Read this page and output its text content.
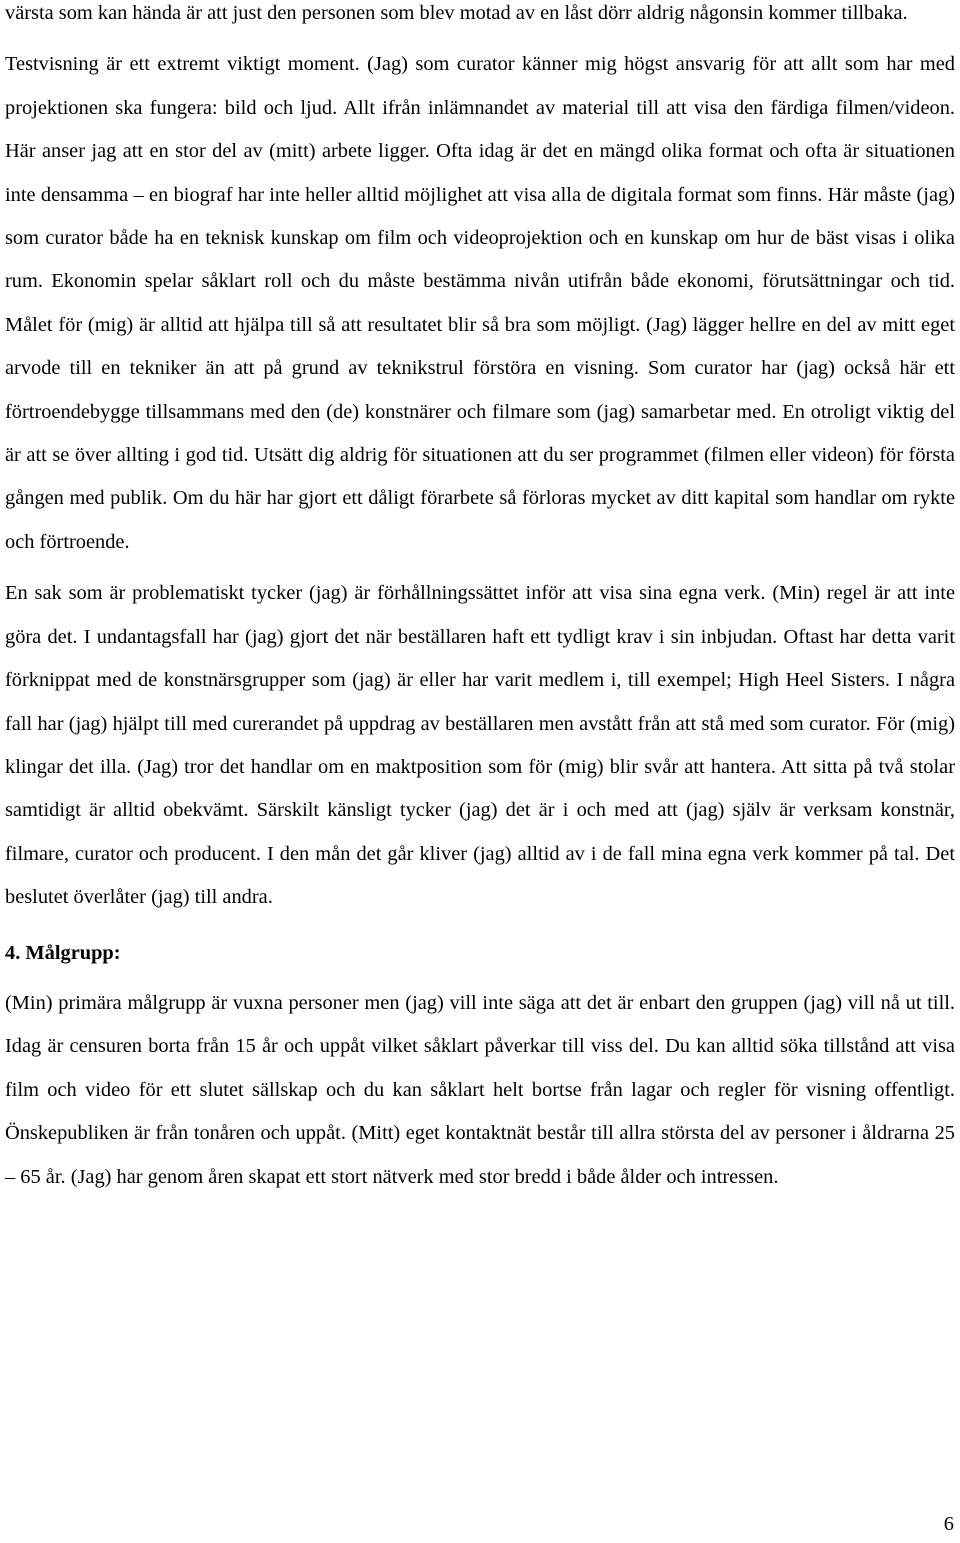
värsta som kan hända är att just den personen som blev motad av en låst dörr aldrig någonsin kommer tillbaka.

Testvisning är ett extremt viktigt moment. (Jag) som curator känner mig högst ansvarig för att allt som har med projektionen ska fungera: bild och ljud. Allt ifrån inlämnandet av material till att visa den färdiga filmen/videon. Här anser jag att en stor del av (mitt) arbete ligger. Ofta idag är det en mängd olika format och ofta är situationen inte densamma – en biograf har inte heller alltid möjlighet att visa alla de digitala format som finns. Här måste (jag) som curator både ha en teknisk kunskap om film och videoprojektion och en kunskap om hur de bäst visas i olika rum. Ekonomin spelar såklart roll och du måste bestämma nivån utifrån både ekonomi, förutsättningar och tid. Målet för (mig) är alltid att hjälpa till så att resultatet blir så bra som möjligt. (Jag) lägger hellre en del av mitt eget arvode till en tekniker än att på grund av teknikstrul förstöra en visning. Som curator har (jag) också här ett förtroendebygge tillsammans med den (de) konstnärer och filmare som (jag) samarbetar med. En otroligt viktig del är att se över allting i god tid. Utsätt dig aldrig för situationen att du ser programmet (filmen eller videon) för första gången med publik. Om du här har gjort ett dåligt förarbete så förloras mycket av ditt kapital som handlar om rykte och förtroende.

En sak som är problematiskt tycker (jag) är förhållningssättet inför att visa sina egna verk. (Min) regel är att inte göra det. I undantagsfall har (jag) gjort det när beställaren haft ett tydligt krav i sin inbjudan. Oftast har detta varit förknippat med de konstnärsgrupper som (jag) är eller har varit medlem i, till exempel; High Heel Sisters. I några fall har (jag) hjälpt till med curerandet på uppdrag av beställaren men avstått från att stå med som curator. För (mig) klingar det illa. (Jag) tror det handlar om en maktposition som för (mig) blir svår att hantera. Att sitta på två stolar samtidigt är alltid obekvämt. Särskilt känsligt tycker (jag) det är i och med att (jag) själv är verksam konstnär, filmare, curator och producent. I den mån det går kliver (jag) alltid av i de fall mina egna verk kommer på tal. Det beslutet överlåter (jag) till andra.

4. Målgrupp:

(Min) primära målgrupp är vuxna personer men (jag) vill inte säga att det är enbart den gruppen (jag) vill nå ut till. Idag är censuren borta från 15 år och uppåt vilket såklart påverkar till viss del. Du kan alltid söka tillstånd att visa film och video för ett slutet sällskap och du kan såklart helt bortse från lagar och regler för visning offentligt. Önskepubliken är från tonåren och uppåt. (Mitt) eget kontaktnät består till allra största del av personer i åldrarna 25 – 65 år. (Jag) har genom åren skapat ett stort nätverk med stor bredd i både ålder och intressen.

6
